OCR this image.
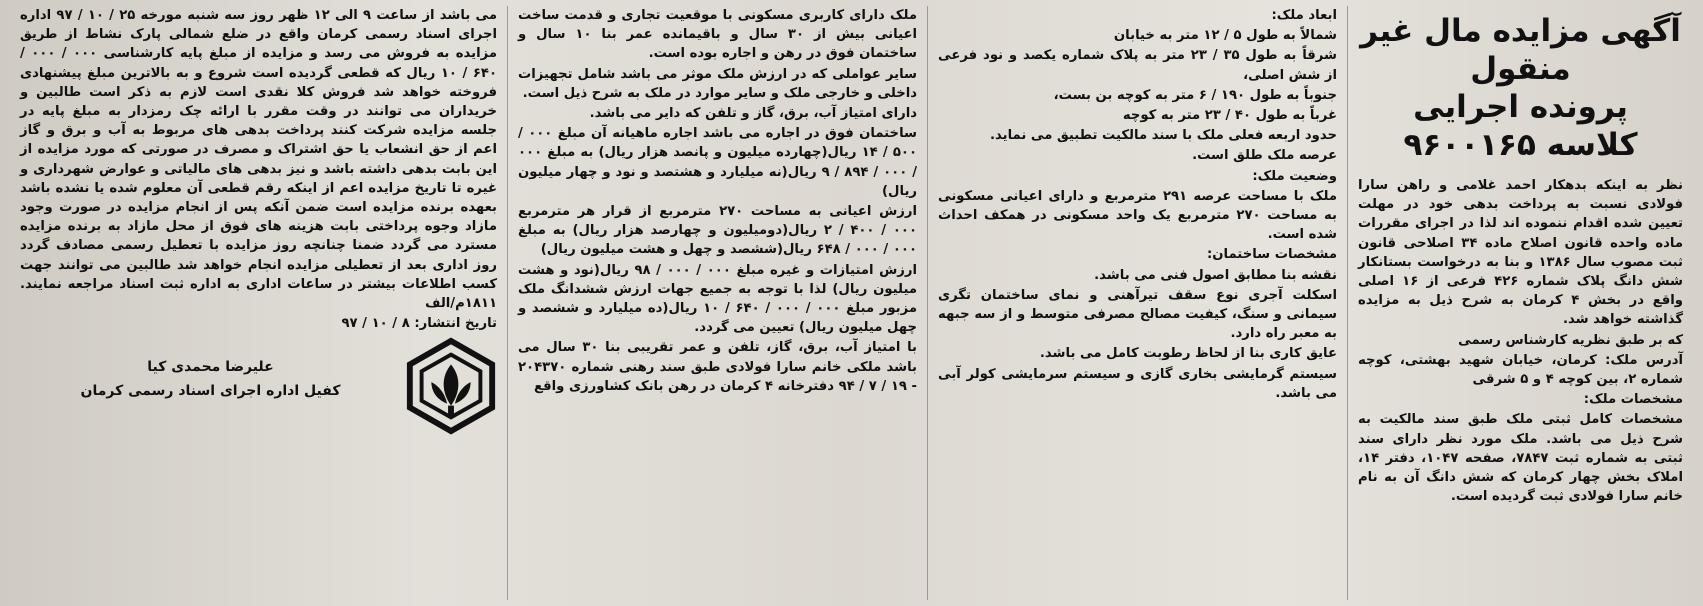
آگهی مزایده مال غیر منقول
پرونده اجرایی
کلاسه ۹۶۰۰۱۶۵

نظر به اینکه بدهکار احمد غلامی و راهن سارا فولادی نسبت به پرداخت بدهی خود در مهلت تعیین شده اقدام ننموده اند لذا در اجرای مقررات ماده واحده قانون اصلاح ماده ۳۴ اصلاحی قانون ثبت مصوب سال ۱۳۸۶ و بنا به درخواست بستانکار شش دانگ پلاک شماره ۴۲۶ فرعی از ۱۶ اصلی واقع در بخش ۴ کرمان به شرح ذیل به مزایده گذاشته خواهد شد.

که بر طبق نظریه کارشناس رسمی

آدرس ملک: کرمان، خیابان شهید بهشتی، کوچه شماره ۲، بین کوچه ۴ و ۵ شرقی

مشخصات ملک:

مشخصات کامل ثبتی ملک طبق سند مالکیت به شرح ذیل می باشد. ملک مورد نظر دارای سند ثبتی به شماره ثبت ۷۸۴۷، صفحه ۱۰۴۷، دفتر ۱۴، املاک بخش چهار کرمان که شش دانگ آن به نام خانم سارا فولادی ثبت گردیده است.

ابعاد ملک:

شمالاً به طول ۵ / ۱۲ متر به خیابان

شرقاً به طول ۳۵ / ۲۳ متر به پلاک شماره یکصد و نود فرعی از شش اصلی،

جنوباً به طول ۱۹۰ / ۶ متر به کوچه بن بست،

غرباً به طول ۴۰ / ۲۳ متر به کوچه

حدود اربعه فعلی ملک با سند مالکیت تطبیق می نماید.

عرصه ملک طلق است.

وضعیت ملک:

ملک با مساحت عرصه ۲۹۱ مترمربع و دارای اعیانی مسکونی به مساحت ۲۷۰ مترمربع یک واحد مسکونی در همکف احداث شده است.

مشخصات ساختمان:

نقشه بنا مطابق اصول فنی می باشد.

اسکلت آجری نوع سقف تیرآهنی و نمای ساختمان تگری سیمانی و سنگ، کیفیت مصالح مصرفی متوسط و از سه جبهه به معبر راه دارد.

عایق کاری بنا از لحاظ رطوبت کامل می باشد.

سیستم گرمایشی بخاری گازی و سیستم سرمایشی کولر آبی می باشد.

ملک دارای کاربری مسکونی با موقعیت تجاری و قدمت ساخت اعیانی بیش از ۳۰ سال و باقیمانده عمر بنا ۱۰ سال و ساختمان فوق در رهن و اجاره بوده است.

سایر عواملی که در ارزش ملک موثر می باشد شامل تجهیزات داخلی و خارجی ملک و سایر موارد در ملک به شرح ذیل است.

دارای امتیاز آب، برق، گاز و تلفن که دایر می باشد.

ساختمان فوق در اجاره می باشد اجاره ماهیانه آن مبلغ ۰۰۰ / ۵۰۰ / ۱۴ ریال(چهارده میلیون و پانصد هزار ریال) به مبلغ ۰۰۰ / ۰۰۰ / ۸۹۴ / ۹ ریال(نه میلیارد و هشتصد و نود و چهار میلیون ریال)

ارزش اعیانی به مساحت ۲۷۰ مترمربع از قرار هر مترمربع ۰۰۰ / ۴۰۰ / ۲ ریال(دومیلیون و چهارصد هزار ریال) به مبلغ ۰۰۰ / ۰۰۰ / ۶۴۸ ریال(ششصد و چهل و هشت میلیون ریال)

ارزش امتیازات و غیره مبلغ ۰۰۰ / ۰۰۰ / ۹۸ ریال(نود و هشت میلیون ریال) لذا با توجه به جمیع جهات ارزش ششدانگ ملک مزبور مبلغ ۰۰۰ / ۰۰۰ / ۶۴۰ / ۱۰ ریال(ده میلیارد و ششصد و چهل میلیون ریال) تعیین می گردد.

با امتیاز آب، برق، گاز، تلفن و عمر تقریبی بنا ۳۰ سال می باشد ملکی خانم سارا فولادی طبق سند رهنی شماره ۲۰۴۳۷۰ - ۱۹ / ۷ / ۹۴ دفترخانه ۴ کرمان در رهن بانک کشاورزی واقع

می باشد از ساعت ۹ الی ۱۲ ظهر روز سه شنبه مورخه ۲۵ / ۱۰ / ۹۷ اداره اجرای اسناد رسمی کرمان واقع در ضلع شمالی پارک نشاط از طریق مزایده به فروش می رسد و مزایده از مبلغ پایه کارشناسی ۰۰۰ / ۰۰۰ / ۶۴۰ / ۱۰ ریال که قطعی گردیده است شروع و به بالاترین مبلغ پیشنهادی فروخته خواهد شد فروش کلا نقدی است لازم به ذکر است طالبین و خریداران می توانند در وقت مقرر با ارائه چک رمزدار به مبلغ پایه در جلسه مزایده شرکت کنند پرداخت بدهی های مربوط به آب و برق و گاز اعم از حق انشعاب یا حق اشتراک و مصرف در صورتی که مورد مزایده از این بابت بدهی داشته باشد و نیز بدهی های مالیاتی و عوارض شهرداری و غیره تا تاریخ مزایده اعم از اینکه رقم قطعی آن معلوم شده یا نشده باشد بعهده برنده مزایده است ضمن آنکه پس از انجام مزایده در صورت وجود مازاد وجوه پرداختی بابت هزینه های فوق از محل مازاد به برنده مزایده مسترد می گردد ضمنا چنانچه روز مزایده با تعطیل رسمی مصادف گردد روز اداری بعد از تعطیلی مزایده انجام خواهد شد طالبین می توانند جهت کسب اطلاعات بیشتر در ساعات اداری به اداره ثبت اسناد مراجعه نمایند. ۱۸۱۱م/الف

تاریخ انتشار: ۸ / ۱۰ / ۹۷

علیرضا محمدی کیا
کفیل اداره اجرای اسناد رسمی کرمان
